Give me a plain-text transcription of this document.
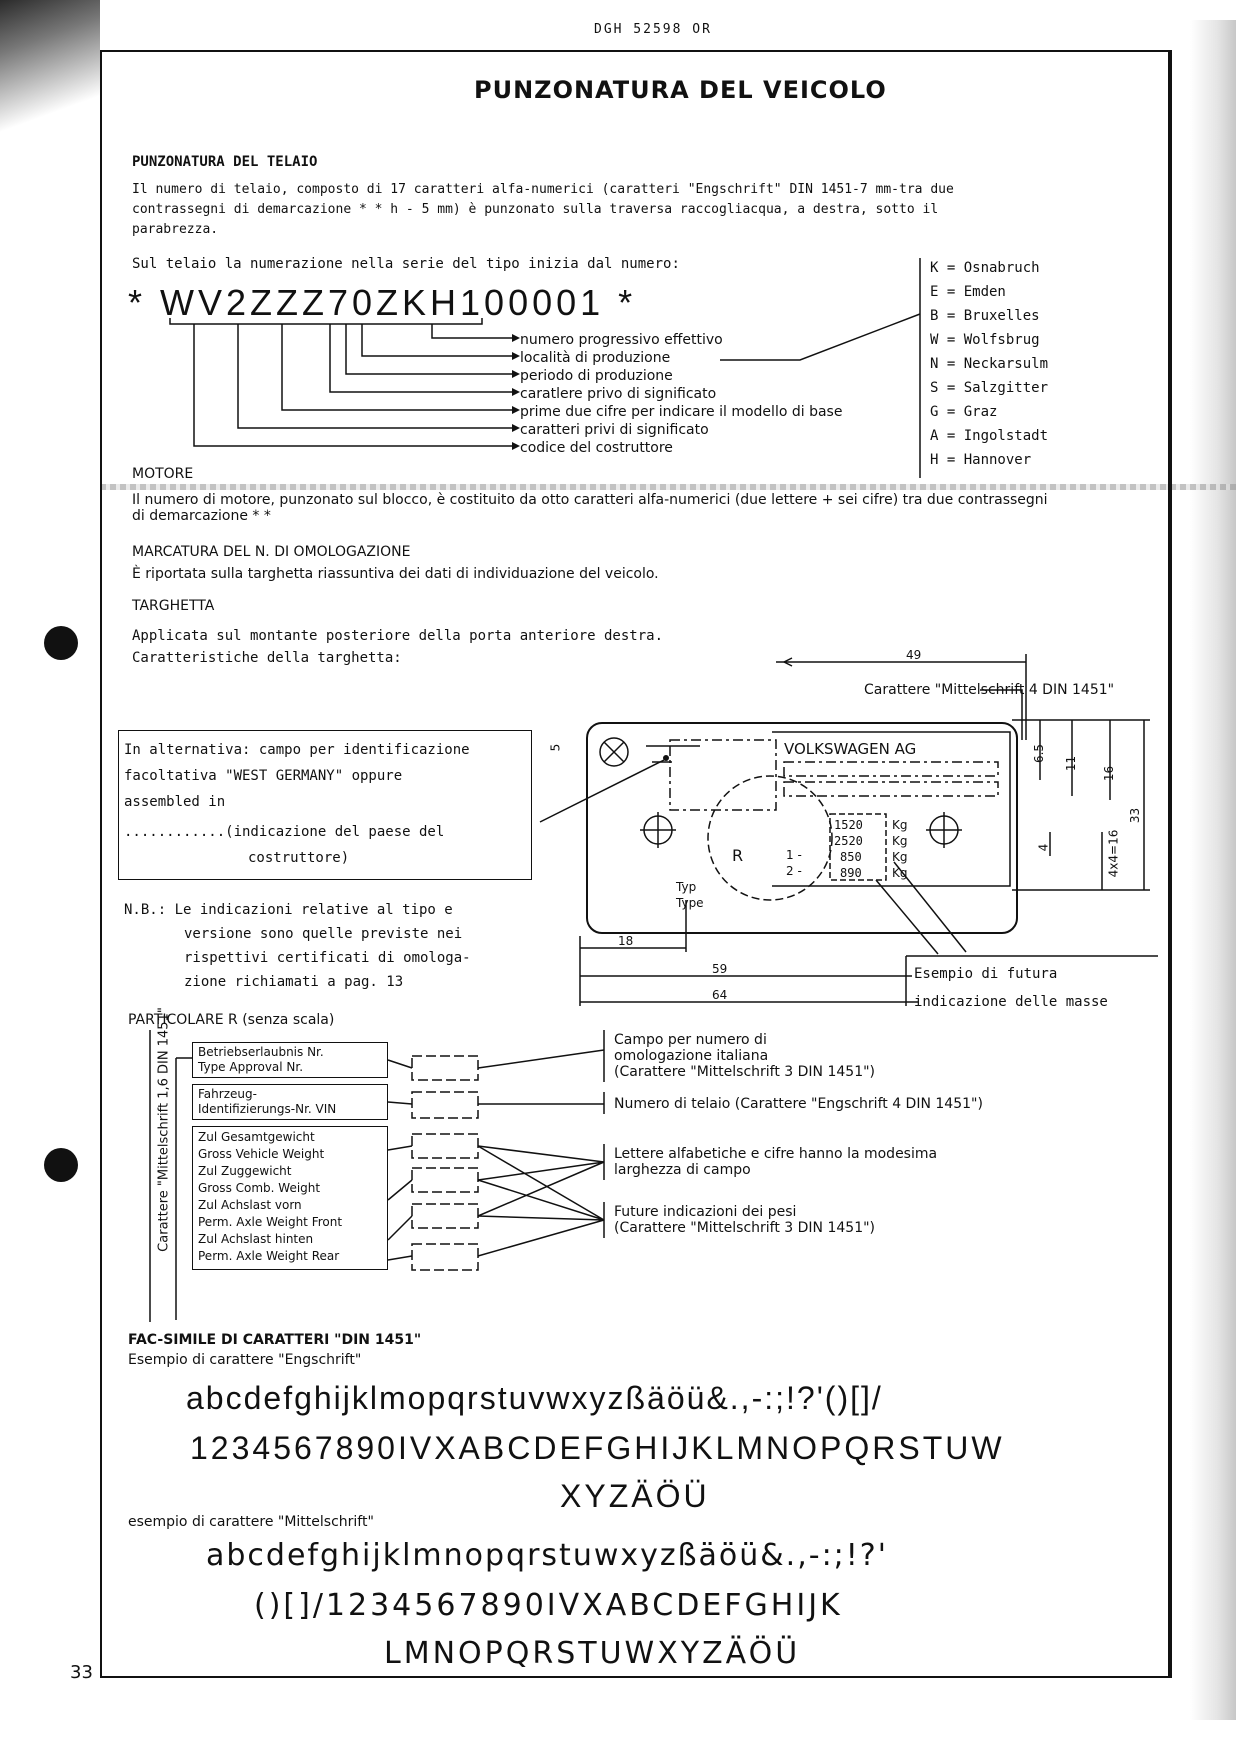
DGH 52598 OR
PUNZONATURA DEL VEICOLO
PUNZONATURA DEL TELAIO
Il numero di telaio, composto di 17 caratteri alfa-numerici (caratteri "Engschrift" DIN 1451-7 mm-tra due
contrassegni di demarcazione * * h - 5 mm) è punzonato sulla traversa raccogliacqua, a destra, sotto il
parabrezza.
Sul telaio la numerazione nella serie del tipo inizia dal numero:
* WV2ZZZ70ZKH100001 *
numero progressivo effettivo
località di produzione
periodo di produzione
caratlere privo di significato
prime due cifre per indicare il modello di base
caratteri privi di significato
codice del costruttore
K = Osnabruch
E = Emden
B = Bruxelles
W = Wolfsbrug
N = Neckarsulm
S = Salzgitter
G = Graz
A = Ingolstadt
H = Hannover
MOTORE
Il numero di motore, punzonato sul blocco, è costituito da otto caratteri alfa-numerici (due lettere + sei cifre) tra due contrassegni
di demarcazione * *
MARCATURA DEL N. DI OMOLOGAZIONE
È riportata sulla targhetta riassuntiva dei dati di individuazione del veicolo.
TARGHETTA
Applicata sul montante posteriore della porta anteriore destra.
Caratteristiche della targhetta:
In alternativa: campo per identificazione
facoltativa "WEST GERMANY" oppure
assembled in
............(indicazione del paese del
costruttore)
N.B.: Le indicazioni relative al tipo e
versione sono quelle previste nei
rispettivi certificati di omologa-
zione richiamati a pag. 13
VOLKSWAGEN AG
Carattere "Mittelschrift 4 DIN 1451"
R
Typ
Type
1 -
2 -
1520
2520
850
890
Kg
Kg
Kg
Kg
49
18
59
64
5	6.5
11
16
33
4	4x4=16
Esempio di futura
indicazione delle masse
PARTICOLARE R (senza scala)
Carattere "Mittelschrift 1,6 DIN 1451" Betriebserlaubnis Nr.
Type Approval Nr.
Fahrzeug-
Identifizierungs-Nr. VIN
Zul Gesamtgewicht
Gross Vehicle Weight
Zul Zuggewicht
Gross Comb. Weight
Zul Achslast vorn
Perm. Axle Weight Front
Zul Achslast hinten
Perm. Axle Weight Rear
Campo per numero di
omologazione italiana
(Carattere "Mittelschrift 3 DIN 1451")
Numero di telaio (Carattere "Engschrift 4 DIN 1451")
Lettere alfabetiche e cifre hanno la modesima
larghezza di campo
Future indicazioni dei pesi
(Carattere "Mittelschrift 3 DIN 1451")
FAC-SIMILE DI CARATTERI "DIN 1451"
Esempio di carattere "Engschrift"
abcdefghijklmopqrstuvwxyzßäöü&.,-:;!?'()[]/
1234567890IVXABCDEFGHIJKLMNOPQRSTUW
XYZÄÖÜ
esempio di carattere "Mittelschrift"
abcdefghijklmnopqrstuwxyzßäöü&.,-:;!?'
()[]/1234567890IVXABCDEFGHIJK
LMNOPQRSTUWXYZÄÖÜ
33
